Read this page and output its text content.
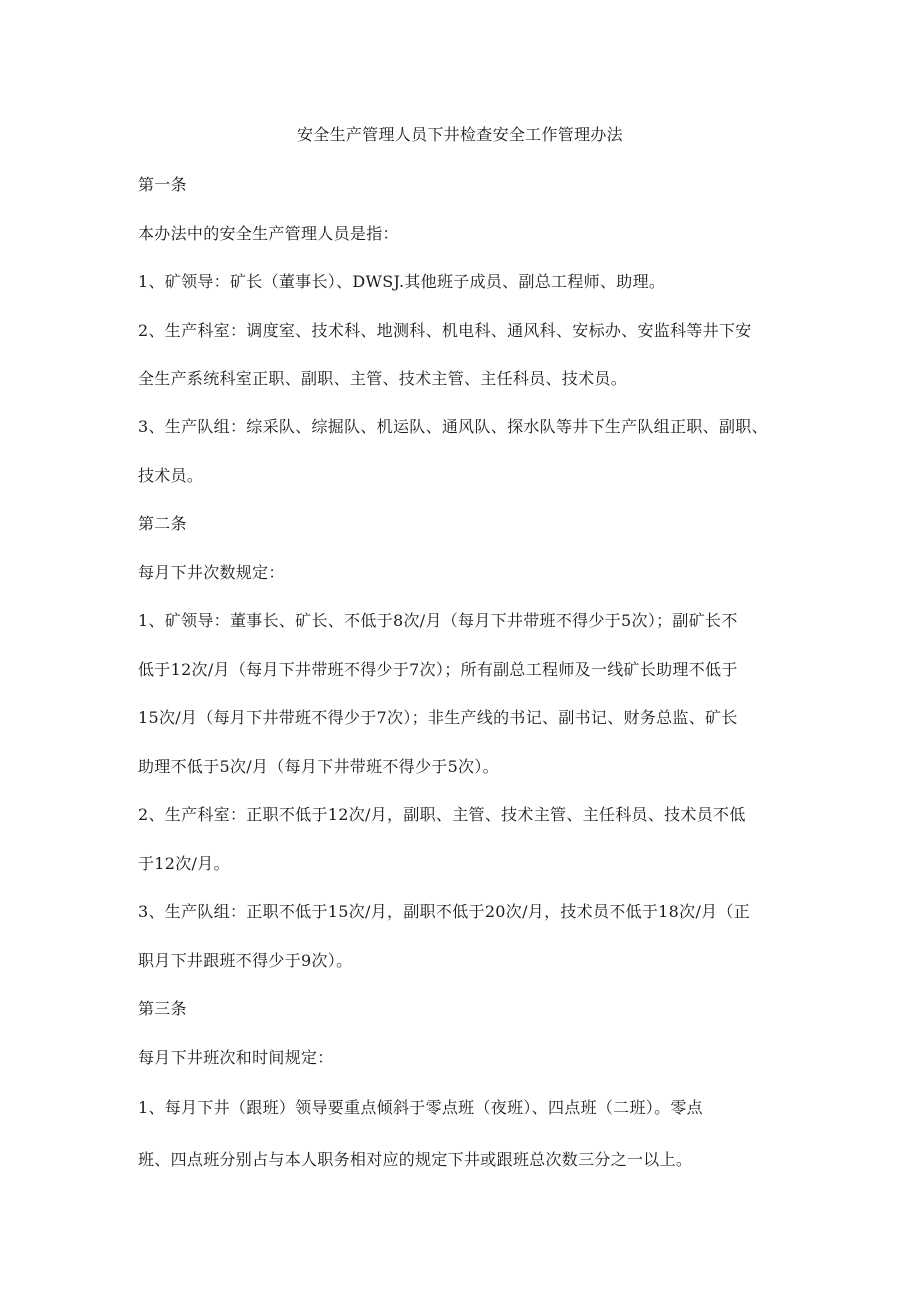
安全生产管理人员下井检查安全工作管理办法
第一条
本办法中的安全生产管理人员是指：
1、矿领导：矿长（董事长）、DWSJ.其他班子成员、副总工程师、助理。
2、生产科室：调度室、技术科、地测科、机电科、通风科、安标办、安监科等井下安
全生产系统科室正职、副职、主管、技术主管、主任科员、技术员。
3、生产队组：综采队、综掘队、机运队、通风队、探水队等井下生产队组正职、副职、
技术员。
第二条
每月下井次数规定：
1、矿领导：董事长、矿长、不低于8次/月（每月下井带班不得少于5次）；副矿长不
低于12次/月（每月下井带班不得少于7次）；所有副总工程师及一线矿长助理不低于
15次/月（每月下井带班不得少于7次）；非生产线的书记、副书记、财务总监、矿长
助理不低于5次/月（每月下井带班不得少于5次）。
2、生产科室：正职不低于12次/月，副职、主管、技术主管、主任科员、技术员不低
于12次/月。
3、生产队组：正职不低于15次/月，副职不低于20次/月，技术员不低于18次/月（正
职月下井跟班不得少于9次）。
第三条
每月下井班次和时间规定：
1、每月下井（跟班）领导要重点倾斜于零点班（夜班）、四点班（二班）。零点
班、四点班分别占与本人职务相对应的规定下井或跟班总次数三分之一以上。
